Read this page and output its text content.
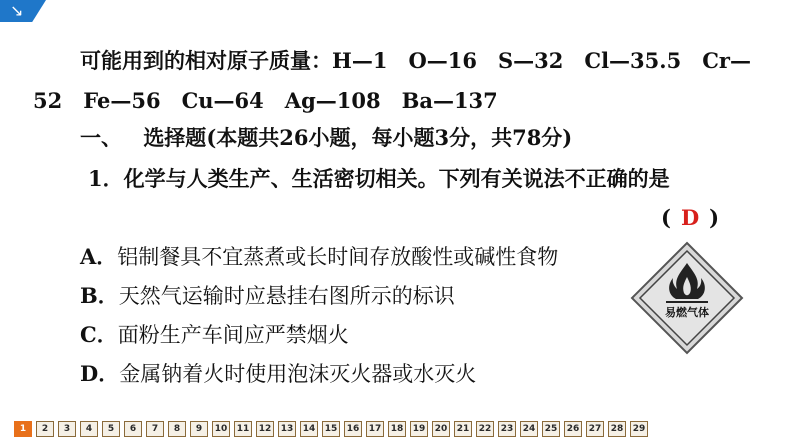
↘
可能用到的相对原子质量：H—1　O—16　S—32　Cl—35.5　Cr—
52　Fe—56　Cu—64　Ag—108　Ba—137
一、 选择题(本题共26小题，每小题3分，共78分)
1．化学与人类生产、生活密切相关。下列有关说法不正确的是
( D )
A．铝制餐具不宜蒸煮或长时间存放酸性或碱性食物
B．天然气运输时应悬挂右图所示的标识
C．面粉生产车间应严禁烟火
D．金属钠着火时使用泡沫灭火器或水灭火
易燃气体
1	2	3	4	5	6	7	8	9	10	11	12	13	14	15	16	17	18	19	20	21	22	23	24	25	26	27	28	29
